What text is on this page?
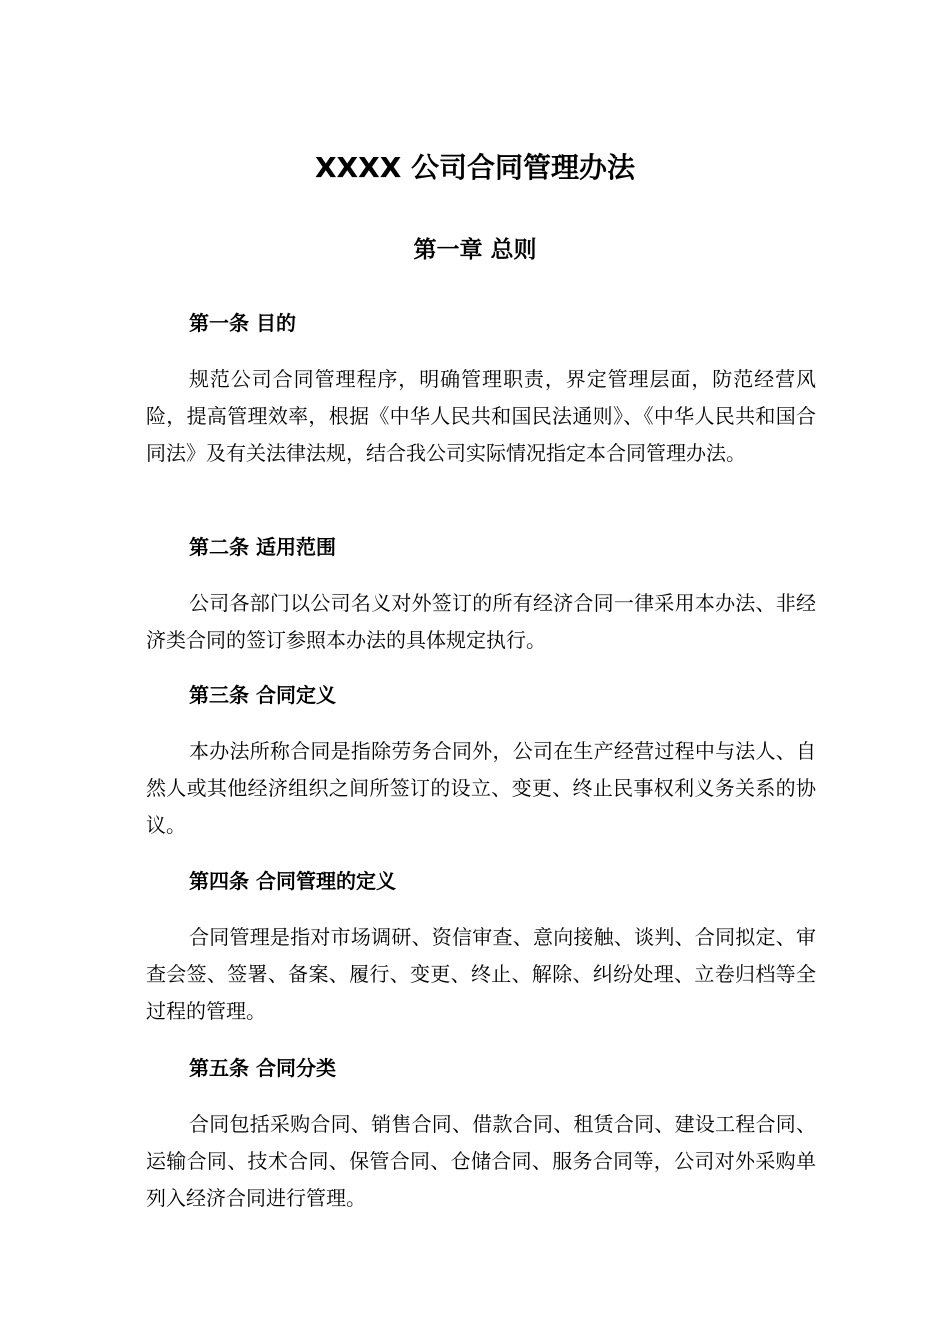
XXXX 公司合同管理办法
第一章 总则
第一条 目的

规范公司合同管理程序，明确管理职责，界定管理层面，防范经营风险，提高管理效率，根据《中华人民共和国民法通则》、《中华人民共和国合同法》及有关法律法规，结合我公司实际情况指定本合同管理办法。

第二条 适用范围

公司各部门以公司名义对外签订的所有经济合同一律采用本办法、非经济类合同的签订参照本办法的具体规定执行。

第三条 合同定义

本办法所称合同是指除劳务合同外，公司在生产经营过程中与法人、自然人或其他经济组织之间所签订的设立、变更、终止民事权利义务关系的协议。

第四条 合同管理的定义

合同管理是指对市场调研、资信审查、意向接触、谈判、合同拟定、审查会签、签署、备案、履行、变更、终止、解除、纠纷处理、立卷归档等全过程的管理。

第五条 合同分类

合同包括采购合同、销售合同、借款合同、租赁合同、建设工程合同、运输合同、技术合同、保管合同、仓储合同、服务合同等，公司对外采购单列入经济合同进行管理。
